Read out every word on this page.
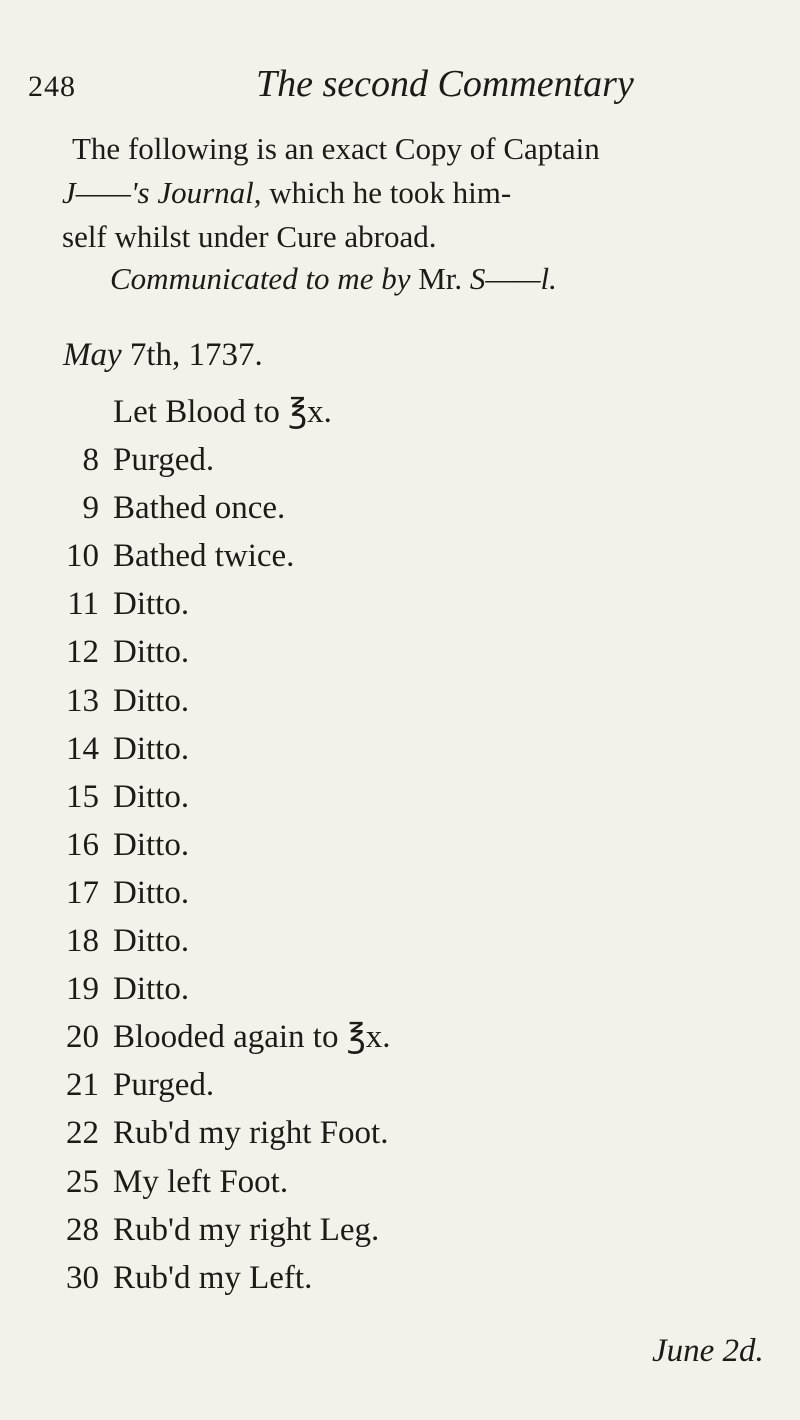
248	The second Commentary
The following is an exact Copy of Captain
J——'s Journal, which he took him-
self whilst under Cure abroad.
Communicated to me by Mr. S——l.
May 7th, 1737.
Let Blood to ℥x.
8 Purged.
9 Bathed once.
10 Bathed twice.
11 Ditto.
12 Ditto.
13 Ditto.
14 Ditto.
15 Ditto.
16 Ditto.
17 Ditto.
18 Ditto.
19 Ditto.
20 Blooded again to ℥x.
21 Purged.
22 Rub'd my right Foot.
25 My left Foot.
28 Rub'd my right Leg.
30 Rub'd my Left.
June 2d.
